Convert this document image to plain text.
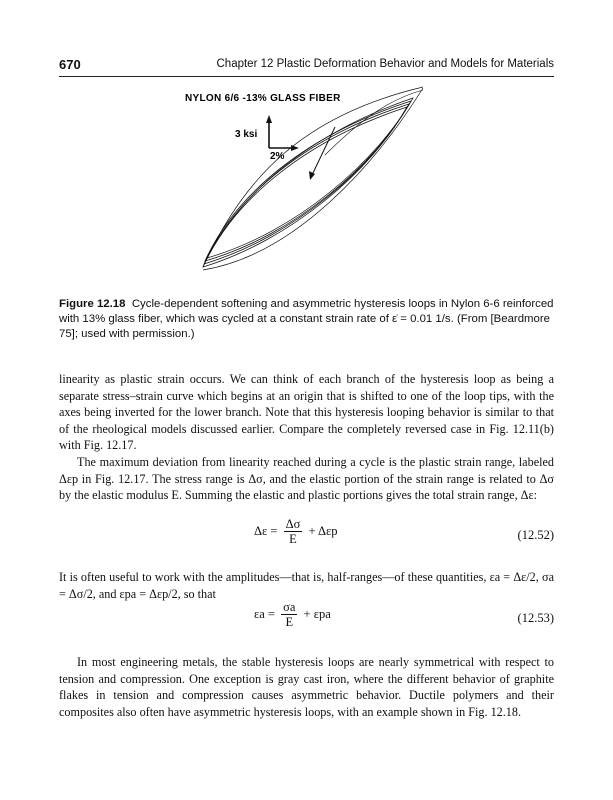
670	Chapter 12 Plastic Deformation Behavior and Models for Materials
NYLON 6/6 -13% GLASS FIBER
3 ksi
2%
Figure 12.18 Cycle-dependent softening and asymmetric hysteresis loops in Nylon 6-6 reinforced with 13% glass fiber, which was cycled at a constant strain rate of ε̇ = 0.01 1/s. (From [Beardmore 75]; used with permission.)
linearity as plastic strain occurs. We can think of each branch of the hysteresis loop as being a separate stress–strain curve which begins at an origin that is shifted to one of the loop tips, with the axes being inverted for the lower branch. Note that this hysteresis looping behavior is similar to that of the rheological models discussed earlier. Compare the completely reversed case in Fig. 12.11(b) with Fig. 12.17.
The maximum deviation from linearity reached during a cycle is the plastic strain range, labeled Δεp in Fig. 12.17. The stress range is Δσ, and the elastic portion of the strain range is related to Δσ by the elastic modulus E. Summing the elastic and plastic portions gives the total strain range, Δε:
$\Delta\varepsilon = \frac{\Delta\sigma}{E} + \Delta\varepsilon p$	(12.52)
It is often useful to work with the amplitudes—that is, half-ranges—of these quantities, εa = Δε/2, σa = Δσ/2, and εpa = Δεp/2, so that
$\varepsilon a = \frac{\sigma a}{E} + \varepsilon pa$	(12.53)
In most engineering metals, the stable hysteresis loops are nearly symmetrical with respect to tension and compression. One exception is gray cast iron, where the different behavior of graphite flakes in tension and compression causes asymmetric behavior. Ductile polymers and their composites also often have asymmetric hysteresis loops, with an example shown in Fig. 12.18.
